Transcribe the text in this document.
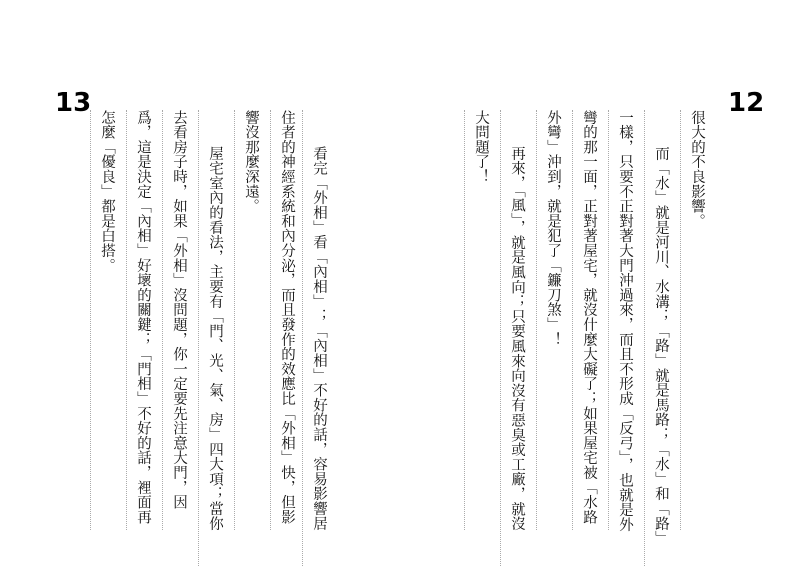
13
看完「外相」看「內相」；「內相」不好的話，容易影響居
住者的神經系統和內分泌，而且發作的效應比「外相」快，但影
響沒那麼深遠。
屋宅室內的看法，主要有「門、光、氣、房」四大項；當你
去看房子時，如果「外相」沒問題，你一定要先注意大門，因
爲，這是決定「內相」好壞的關鍵；「門相」不好的話，裡面再
怎麼「優良」都是白搭。
12
很大的不良影響。
而「水」就是河川、水溝；「路」就是馬路；「水」和「路」
一樣，只要不正對著大門沖過來，而且不形成「反弓」，也就是外
彎的那一面，正對著屋宅，就沒什麼大礙了；如果屋宅被「水路
外彎」沖到，就是犯了「鐮刀煞」！
再來，「風」，就是風向；只要風來向沒有惡臭或工廠，就沒
大問題了！
